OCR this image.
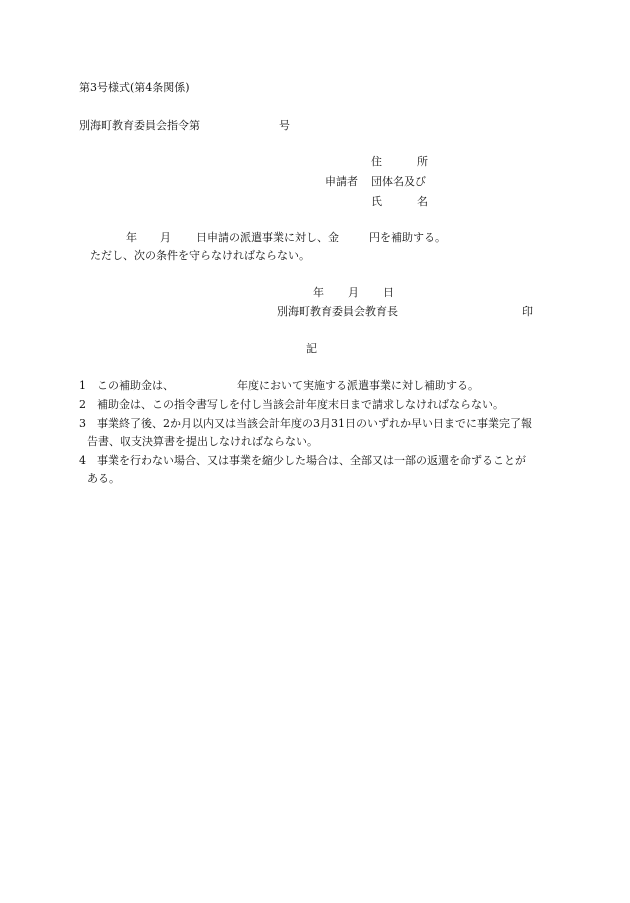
第3号様式(第4条関係)
別海町教育委員会指令第	号
住	所
申請者 団体名及び
氏	名
年 月 日申請の派遣事業に対し、金	円を補助する。
ただし、次の条件を守らなければならない。
年 月 日
別海町教育委員会教育長	印
記
1 この補助金は、	年度において実施する派遣事業に対し補助する。
2 補助金は、この指令書写しを付し当該会計年度末日まで請求しなければならない。
3 事業終了後、2か月以内又は当該会計年度の3月31日のいずれか早い日までに事業完了報
告書、収支決算書を提出しなければならない。
4 事業を行わない場合、又は事業を縮少した場合は、全部又は一部の返還を命ずることが
ある。
